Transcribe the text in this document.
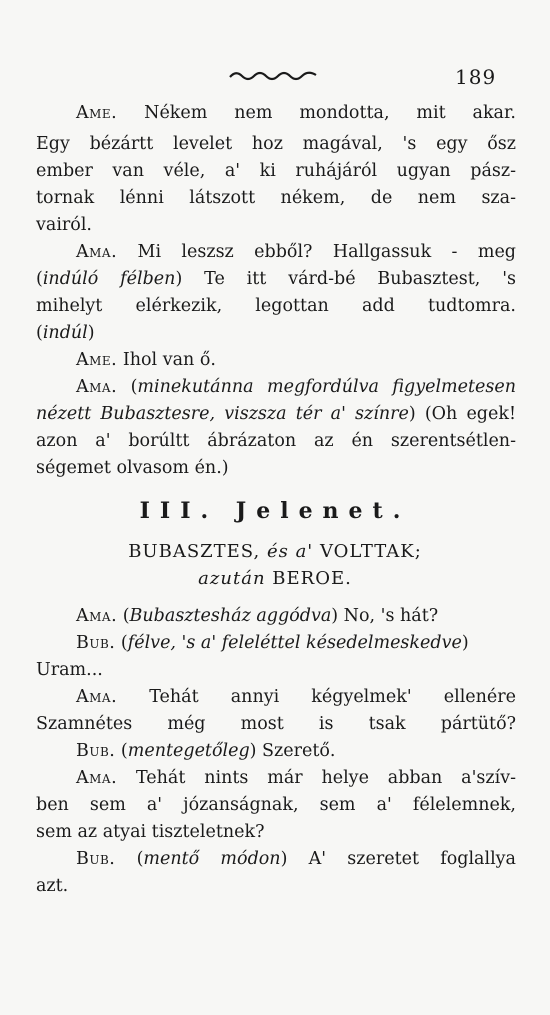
189
Ame. Nékem nem mondotta, mit akar.
Egy bézártt levelet hoz magával, 's egy ősz
ember van véle, a' ki ruhájáról ugyan pász-
tornak lénni látszott nékem, de nem sza-
vairól.
Ama. Mi leszsz ebből? Hallgassuk - meg
(indúló félben) Te itt várd-bé Bubasztest, 's
mihelyt elérkezik, legottan add tudtomra.
(indúl)
Ame. Ihol van ő.
Ama. (minekutánna megfordúlva figyelmetesen
nézett Bubasztesre, viszsza tér a' színre) (Oh egek!
azon a' borúltt ábrázaton az én szerentsétlen-
ségemet olvasom én.)
III. Jelenet.
BUBASZTES, és a' VOLTTAK;
azután BEROE.
Ama. (Bubasztesház aggódva) No, 's hát?
Bub. (félve, 's a' feleléttel késedelmeskedve)
Uram...
Ama. Tehát annyi kégyelmek' ellenére
Szamnétes még most is tsak pártütő?
Bub. (mentegetőleg) Szerető.
Ama. Tehát nints már helye abban a'szív-
ben sem a' józanságnak, sem a' félelemnek,
sem az atyai tiszteletnek?
Bub. (mentő módon) A' szeretet foglallya
azt.
